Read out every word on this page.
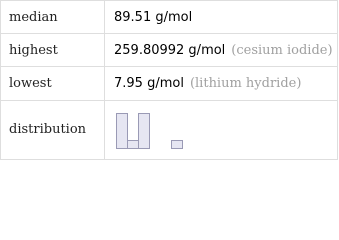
median	89.51 g/mol
highest	259.80992 g/mol (cesium iodide)
lowest	7.95 g/mol (lithium hydride)
distribution	
